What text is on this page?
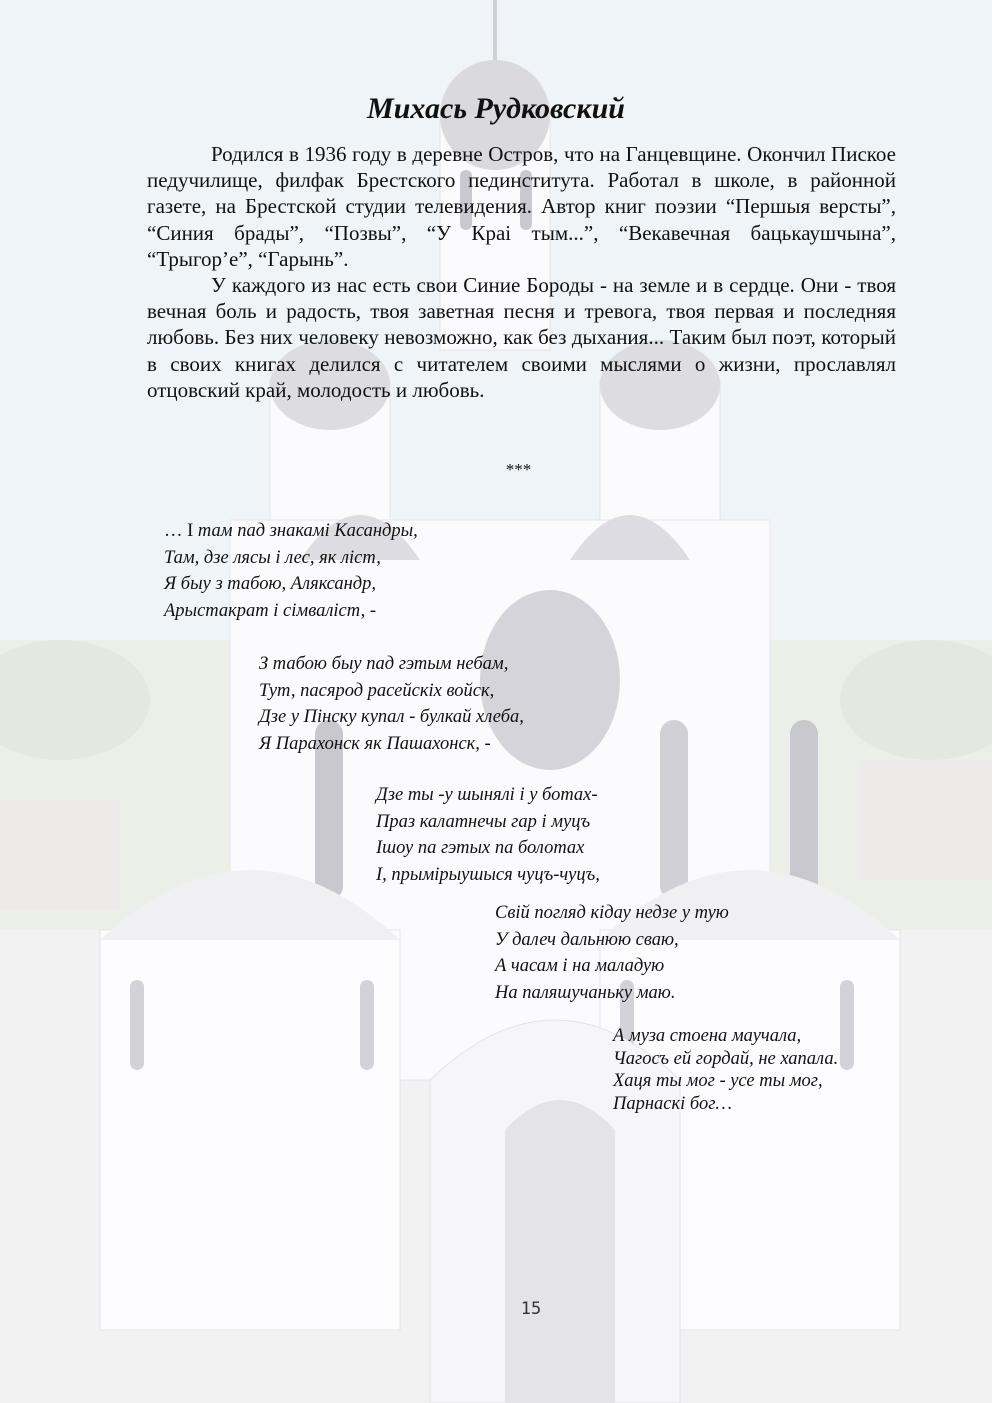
Михась Рудковский

Родился в 1936 году в деревне Остров, что на Ганцевщине. Окончил Пиское педучилище, филфак Брестского пединститута. Работал в школе, в районной газете, на Брестской студии телевидения. Автор книг поэзии “Першыя версты”, “Синия брады”, “Позвы”, “У Краі тым...”, “Векавечная бацькаушчына”, “Трыгор’е”, “Гарынь”.

У каждого из нас есть свои Синие Бороды - на земле и в сердце. Они - твоя вечная боль и радость, твоя заветная песня и тревога, твоя первая и последняя любовь. Без них человеку невозможно, как без дыхания... Таким был поэт, который в своих книгах делился с читателем своими мыслями о жизни, прославлял отцовский край, молодость и любовь.

***
… І там пад знакамі Касандры,
Там, дзе лясы і лес, як ліст,
Я быу з табою, Аляксандр,
Арыстакрат і сімваліст, -
З табою быу пад гэтым небам,
Тут, пасярод расейскіх войск,
Дзе у Пінску купал - булкай хлеба,
Я Парахонск як Пашахонск, -
Дзе ты -у шынялі і у ботах-
Праз калатнечы гар і муцъ
Ішоу па гэтых па болотах
І, прымірыушыся чуцъ-чуцъ,
Свій погляд кідау недзе у тую
У далеч дальнюю сваю,
А часам і на маладую
На паляшучаньку маю.
А муза стоена маучала,
Чагосъ ей гордай, не хапала.
Хаця ты мог - усе ты мог,
Парнаскі бог…
15
